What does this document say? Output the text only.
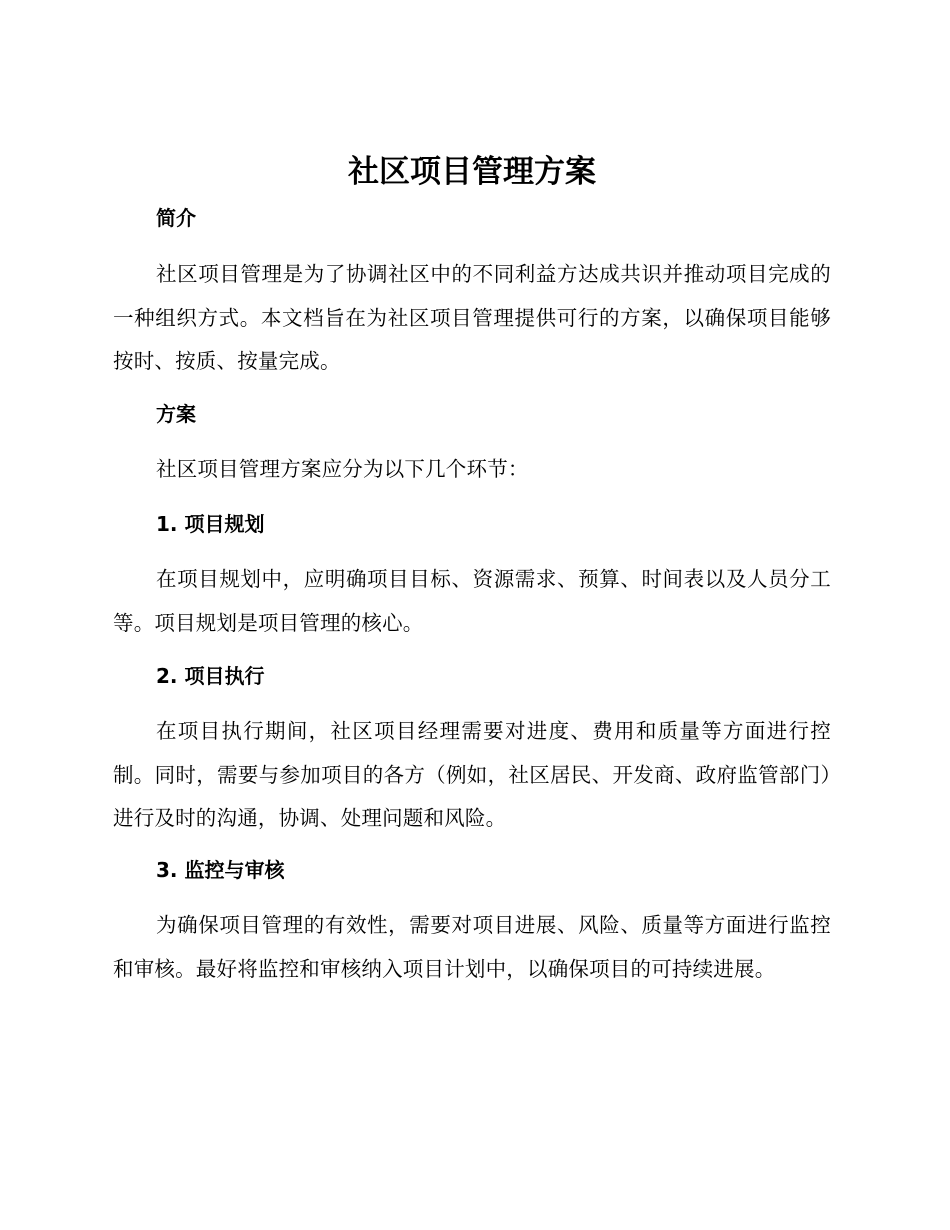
社区项目管理方案
简介

社区项目管理是为了协调社区中的不同利益方达成共识并推动项目完成的一种组织方式。本文档旨在为社区项目管理提供可行的方案，以确保项目能够按时、按质、按量完成。

方案

社区项目管理方案应分为以下几个环节：

1. 项目规划

在项目规划中，应明确项目目标、资源需求、预算、时间表以及人员分工等。项目规划是项目管理的核心。

2. 项目执行

在项目执行期间，社区项目经理需要对进度、费用和质量等方面进行控制。同时，需要与参加项目的各方（例如，社区居民、开发商、政府监管部门）进行及时的沟通，协调、处理问题和风险。

3. 监控与审核

为确保项目管理的有效性，需要对项目进展、风险、质量等方面进行监控和审核。最好将监控和审核纳入项目计划中，以确保项目的可持续进展。
